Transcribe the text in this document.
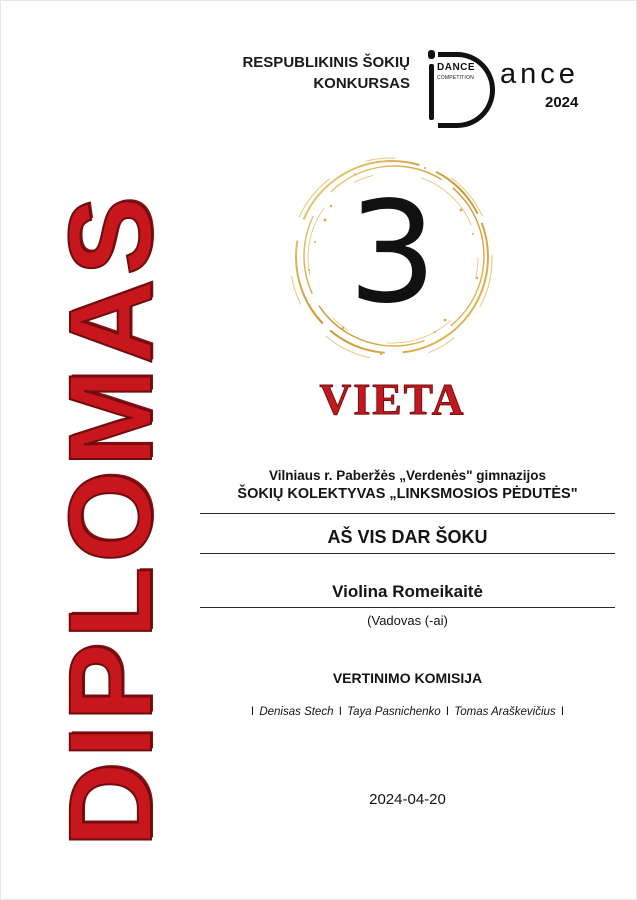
DIPLOMAS
RESPUBLIKINIS ŠOKIŲ
KONKURSAS
DANCE
COMPETITION ance
2024
3
VIETA
Vilniaus r. Paberžės „Verdenės" gimnazijos
ŠOKIŲ KOLEKTYVAS „LINKSMOSIOS PĖDUTĖS"
AŠ VIS DAR ŠOKU
Violina Romeikaitė
(Vadovas (-ai)
VERTINIMO KOMISIJA
I Denisas Stech I Taya Pasnichenko I Tomas Araškevičius I
2024-04-20
